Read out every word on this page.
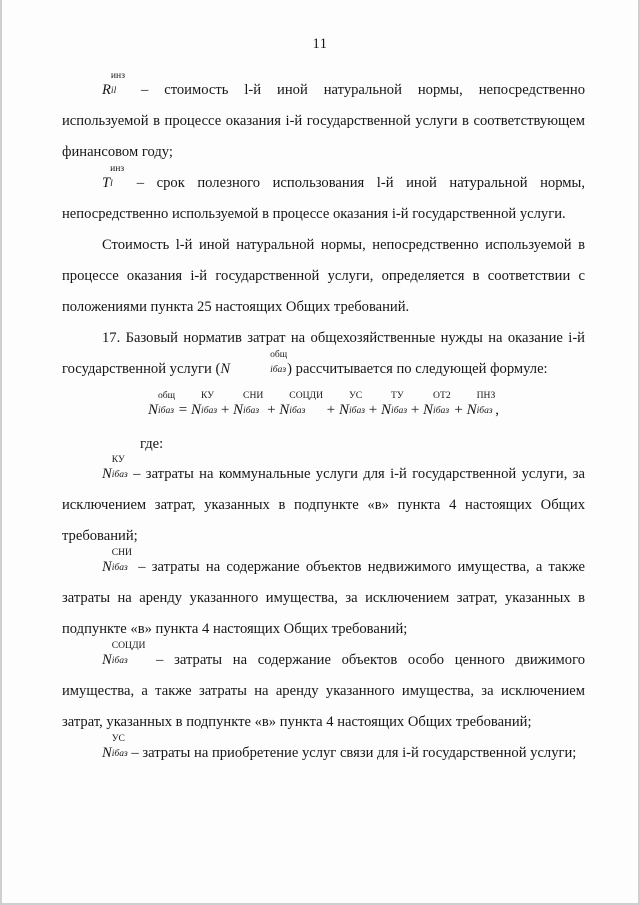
11

R
инз
il – стоимость l-й иной натуральной нормы, непосредственно используемой в процессе оказания i-й государственной услуги в соответствующем финансовом году;

T
инз
l – срок полезного использования l-й иной натуральной нормы, непосредственно используемой в процессе оказания i-й государственной услуги.

Стоимость l-й иной натуральной нормы, непосредственно используемой в процессе оказания i-й государственной услуги, определяется в соответствии с положениями пункта 25 настоящих Общих требований.

17. Базовый норматив затрат на общехозяйственные нужды на оказание i-й государственной услуги (N
общ
iбаз ) рассчитывается по следующей формуле:

N
общ
iбаз = N
КУ
iбаз + N
СНИ
iбаз + N
СОЦДИ
iбаз	+ N
УС
iбаз + N
ТУ
iбаз + N
ОТ2
iбаз + N
ПНЗ
iбаз ,
где:

N
КУ
iбаз – затраты на коммунальные услуги для i-й государственной услуги, за исключением затрат, указанных в подпункте «в» пункта 4 настоящих Общих требований;

N
СНИ
iбаз – затраты на содержание объектов недвижимого имущества, а также затраты на аренду указанного имущества, за исключением затрат, указанных в подпункте «в» пункта 4 настоящих Общих требований;

N
СОЦДИ
iбаз	– затраты на содержание объектов особо ценного движимого имущества, а также затраты на аренду указанного имущества, за исключением затрат, указанных в подпункте «в» пункта 4 настоящих Общих требований;

N
УС
iбаз – затраты на приобретение услуг связи для i-й государственной услуги;
